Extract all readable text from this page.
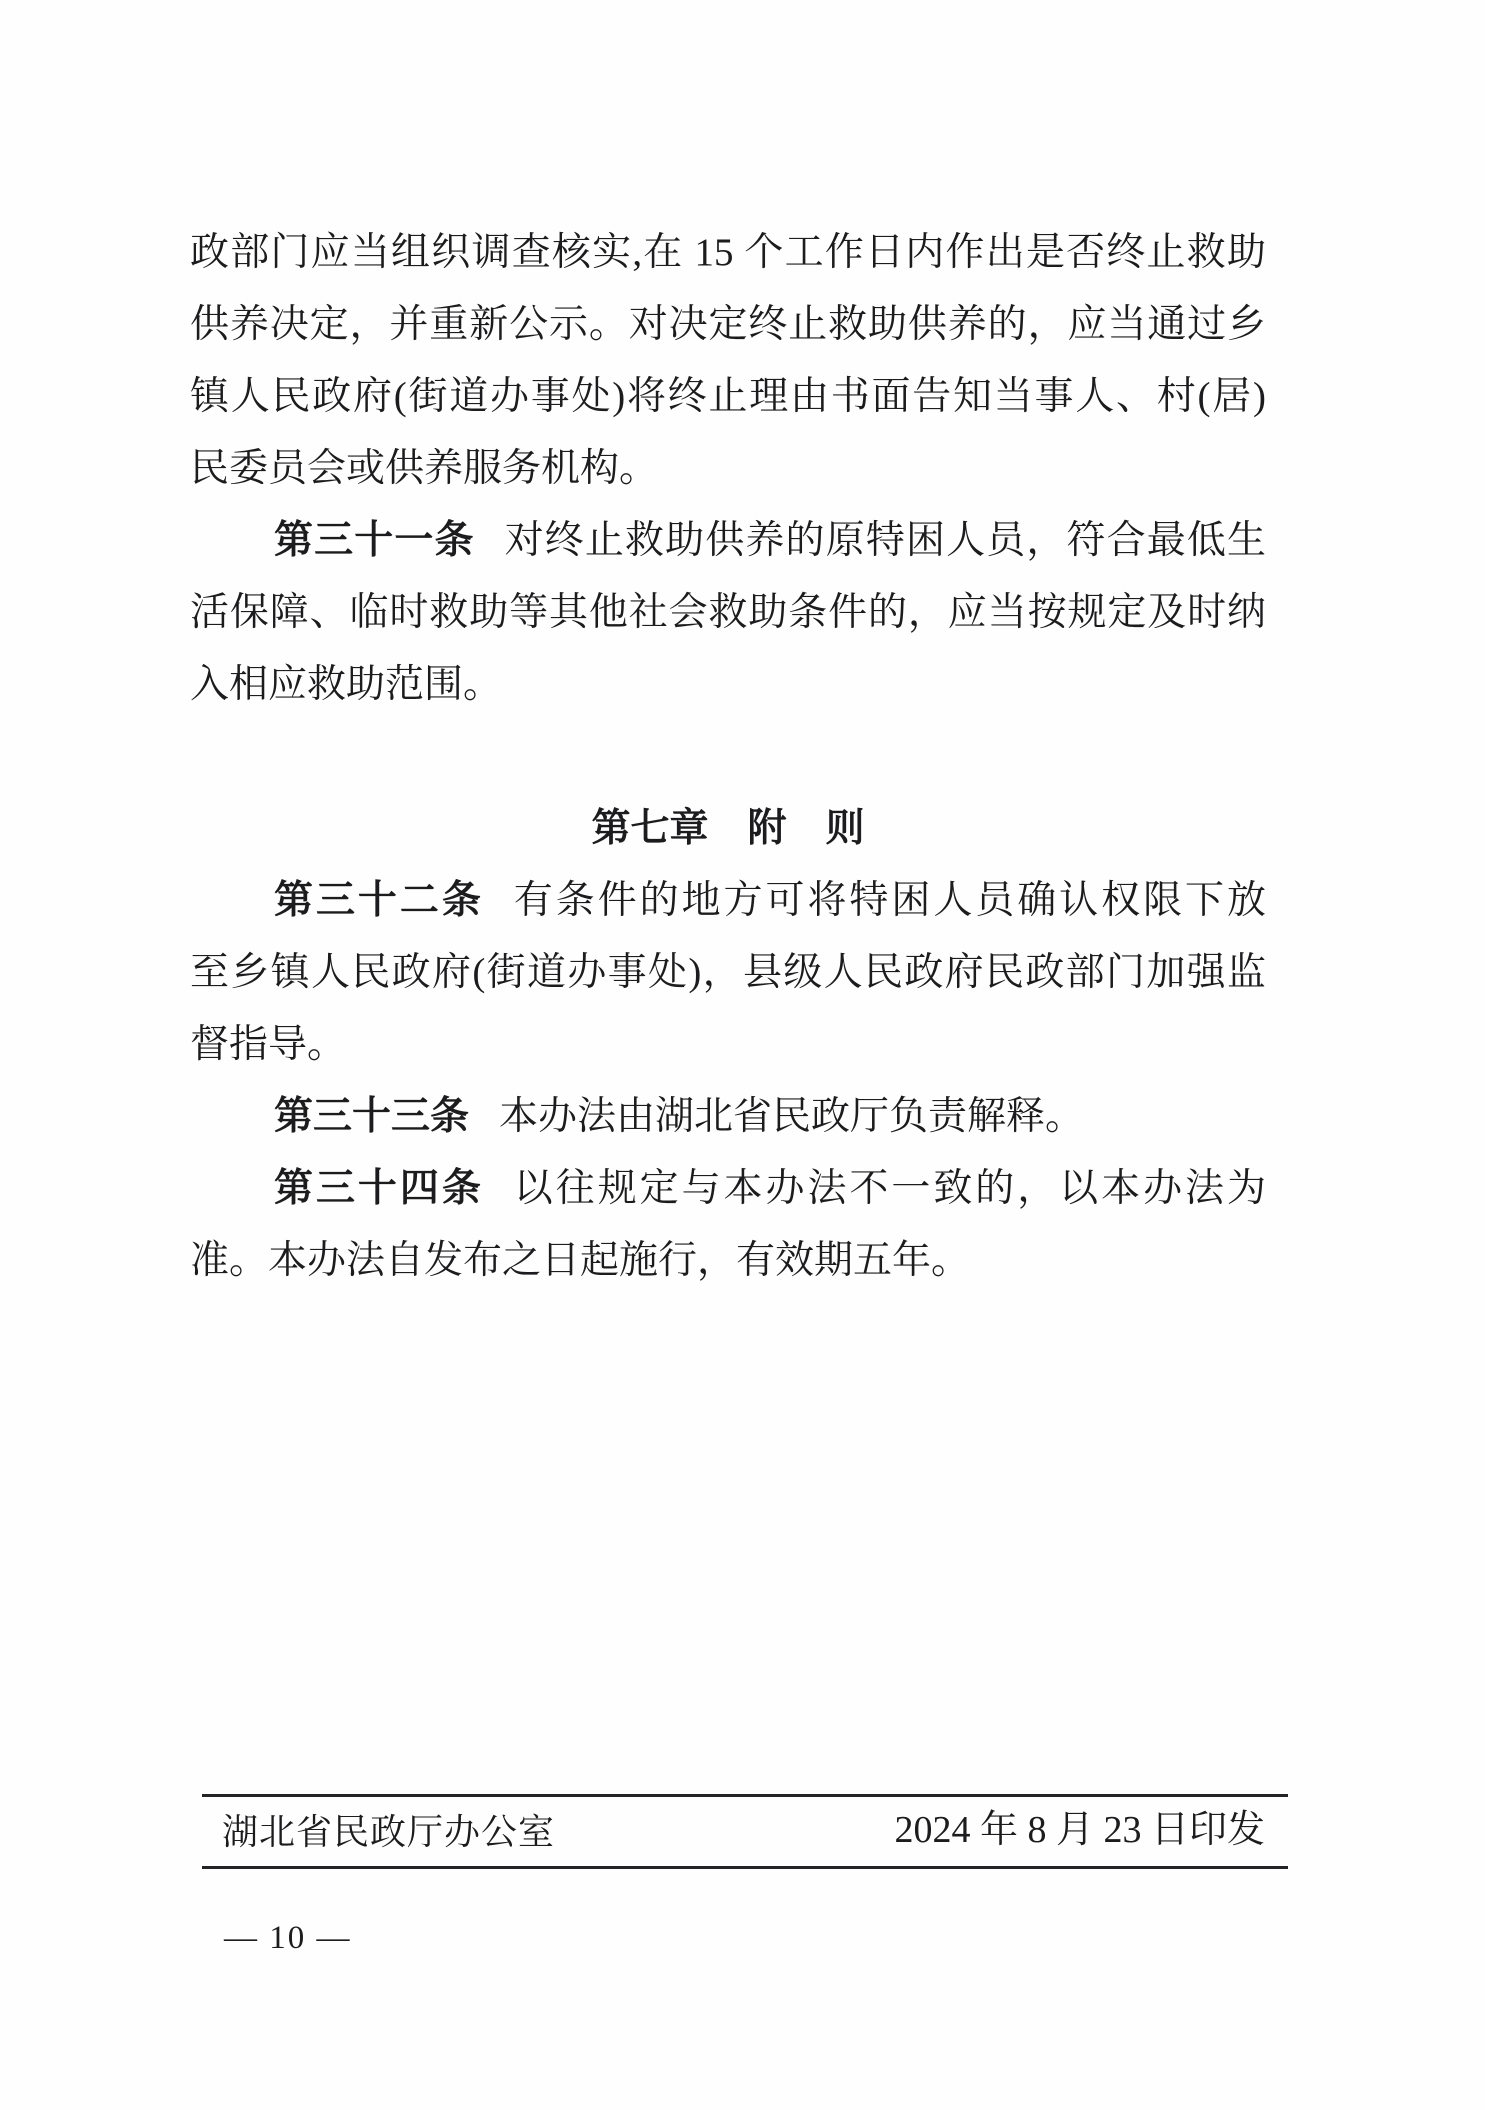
政部门应当组织调查核实,在 15 个工作日内作出是否终止救助
供养决定，并重新公示。对决定终止救助供养的，应当通过乡
镇人民政府(街道办事处)将终止理由书面告知当事人、村(居)
民委员会或供养服务机构。
第三十一条 对终止救助供养的原特困人员，符合最低生
活保障、临时救助等其他社会救助条件的，应当按规定及时纳
入相应救助范围。
第七章　附　则
第三十二条 有条件的地方可将特困人员确认权限下放
至乡镇人民政府(街道办事处)，县级人民政府民政部门加强监
督指导。
第三十三条 本办法由湖北省民政厅负责解释。
第三十四条 以往规定与本办法不一致的，以本办法为
准。本办法自发布之日起施行，有效期五年。
湖北省民政厅办公室	2024 年 8 月 23 日印发
— 10 —
